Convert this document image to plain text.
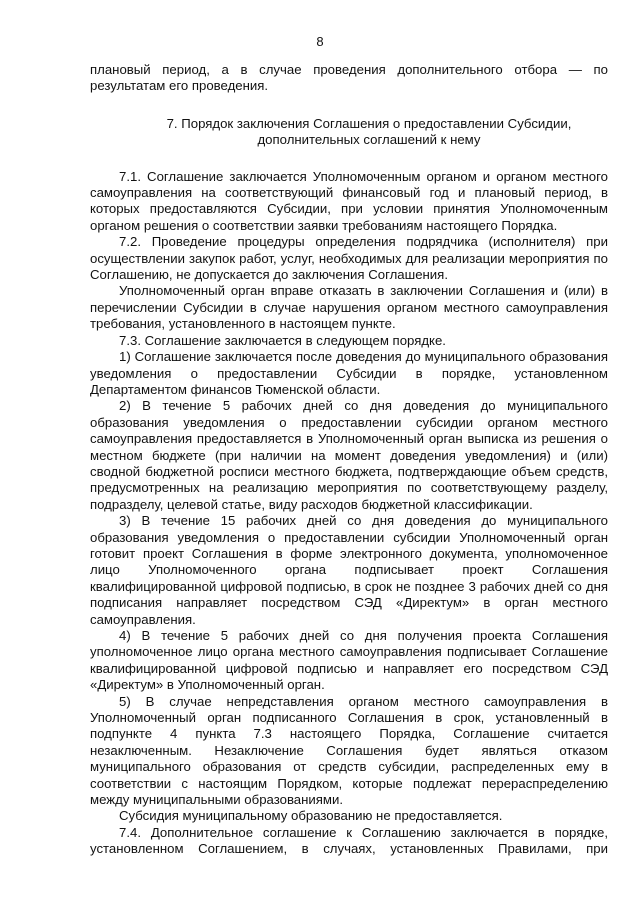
8

плановый период, а в случае проведения дополнительного отбора — по результатам его проведения.

7. Порядок заключения Соглашения о предоставлении Субсидии,
дополнительных соглашений к нему

7.1. Соглашение заключается Уполномоченным органом и органом местного самоуправления на соответствующий финансовый год и плановый период, в которых предоставляются Субсидии, при условии принятия Уполномоченным органом решения о соответствии заявки требованиям настоящего Порядка.

7.2. Проведение процедуры определения подрядчика (исполнителя) при осуществлении закупок работ, услуг, необходимых для реализации мероприятия по Соглашению, не допускается до заключения Соглашения.

Уполномоченный орган вправе отказать в заключении Соглашения и (или) в перечислении Субсидии в случае нарушения органом местного самоуправления требования, установленного в настоящем пункте.

7.3. Соглашение заключается в следующем порядке.

1) Соглашение заключается после доведения до муниципального образования уведомления о предоставлении Субсидии в порядке, установленном Департаментом финансов Тюменской области.

2) В течение 5 рабочих дней со дня доведения до муниципального образования уведомления о предоставлении субсидии органом местного самоуправления предоставляется в Уполномоченный орган выписка из решения о местном бюджете (при наличии на момент доведения уведомления) и (или) сводной бюджетной росписи местного бюджета, подтверждающие объем средств, предусмотренных на реализацию мероприятия по соответствующему разделу, подразделу, целевой статье, виду расходов бюджетной классификации.

3) В течение 15 рабочих дней со дня доведения до муниципального образования уведомления о предоставлении субсидии Уполномоченный орган готовит проект Соглашения в форме электронного документа, уполномоченное лицо Уполномоченного органа подписывает проект Соглашения квалифицированной цифровой подписью, в срок не позднее 3 рабочих дней со дня подписания направляет посредством СЭД «Директум» в орган местного самоуправления.

4) В течение 5 рабочих дней со дня получения проекта Соглашения уполномоченное лицо органа местного самоуправления подписывает Соглашение квалифицированной цифровой подписью и направляет его посредством СЭД «Директум» в Уполномоченный орган.

5) В случае непредставления органом местного самоуправления в Уполномоченный орган подписанного Соглашения в срок, установленный в подпункте 4 пункта 7.3 настоящего Порядка, Соглашение считается незаключенным. Незаключение Соглашения будет являться отказом муниципального образования от средств субсидии, распределенных ему в соответствии с настоящим Порядком, которые подлежат перераспределению между муниципальными образованиями.

Субсидия муниципальному образованию не предоставляется.

7.4. Дополнительное соглашение к Соглашению заключается в порядке, установленном Соглашением, в случаях, установленных Правилами, при
